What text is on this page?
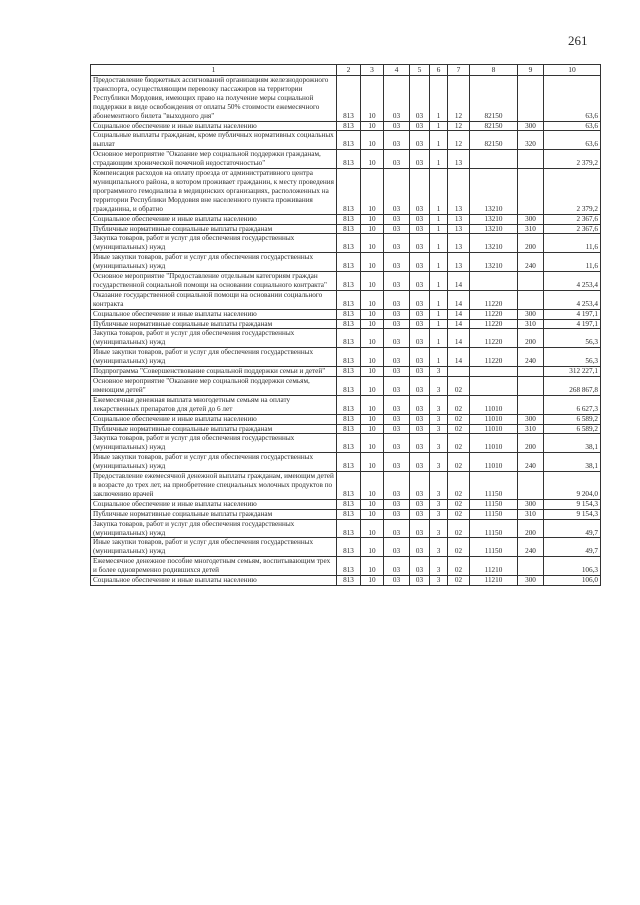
261
1	2	3	4	5	6	7	8	9	10
Предоставление бюджетных ассигнований организациям железнодорожного транспорта, осуществляющим перевозку пассажиров на территории Республики Мордовия, имеющих право на получение меры социальной поддержки в виде освобождения от оплаты 50% стоимости ежемесячного абонементного билета "выходного дня"	813	10	03	03	1	12	82150		63,6
Социальное обеспечение и иные выплаты населению	813	10	03	03	1	12	82150	300	63,6
Социальные выплаты гражданам, кроме публичных нормативных социальных выплат	813	10	03	03	1	12	82150	320	63,6
Основное мероприятие "Оказание мер социальной поддержки гражданам, страдающим хронической почечной недостаточностью"	813	10	03	03	1	13			2 379,2
Компенсация расходов на оплату проезда от административного центра муниципального района, в котором проживает гражданин, к месту проведения программного гемодиализа в медицинских организациях, расположенных на территории Республики Мордовия вне населенного пункта проживания гражданина, и обратно	813	10	03	03	1	13	13210		2 379,2
Социальное обеспечение и иные выплаты населению	813	10	03	03	1	13	13210	300	2 367,6
Публичные нормативные социальные выплаты гражданам	813	10	03	03	1	13	13210	310	2 367,6
Закупка товаров, работ и услуг для обеспечения государственных (муниципальных) нужд	813	10	03	03	1	13	13210	200	11,6
Иные закупки товаров, работ и услуг для обеспечения государственных (муниципальных) нужд	813	10	03	03	1	13	13210	240	11,6
Основное мероприятие "Предоставление отдельным категориям граждан государственной социальной помощи на основании социального контракта"	813	10	03	03	1	14			4 253,4
Оказание государственной социальной помощи на основании социального контракта	813	10	03	03	1	14	11220		4 253,4
Социальное обеспечение и иные выплаты населению	813	10	03	03	1	14	11220	300	4 197,1
Публичные нормативные социальные выплаты гражданам	813	10	03	03	1	14	11220	310	4 197,1
Закупка товаров, работ и услуг для обеспечения государственных (муниципальных) нужд	813	10	03	03	1	14	11220	200	56,3
Иные закупки товаров, работ и услуг для обеспечения государственных (муниципальных) нужд	813	10	03	03	1	14	11220	240	56,3
Подпрограмма "Совершенствование социальной поддержки семьи и детей"	813	10	03	03	3				312 227,1
Основное мероприятие "Оказание мер социальной поддержки семьям, имеющим детей"	813	10	03	03	3	02			268 867,8
Ежемесячная денежная выплата многодетным семьям на оплату лекарственных препаратов для детей до 6 лет	813	10	03	03	3	02	11010		6 627,3
Социальное обеспечение и иные выплаты населению	813	10	03	03	3	02	11010	300	6 589,2
Публичные нормативные социальные выплаты гражданам	813	10	03	03	3	02	11010	310	6 589,2
Закупка товаров, работ и услуг для обеспечения государственных (муниципальных) нужд	813	10	03	03	3	02	11010	200	38,1
Иные закупки товаров, работ и услуг для обеспечения государственных (муниципальных) нужд	813	10	03	03	3	02	11010	240	38,1
Предоставление ежемесячной денежной выплаты гражданам, имеющим детей в возрасте до трех лет, на приобретение специальных молочных продуктов по заключению врачей	813	10	03	03	3	02	11150		9 204,0
Социальное обеспечение и иные выплаты населению	813	10	03	03	3	02	11150	300	9 154,3
Публичные нормативные социальные выплаты гражданам	813	10	03	03	3	02	11150	310	9 154,3
Закупка товаров, работ и услуг для обеспечения государственных (муниципальных) нужд	813	10	03	03	3	02	11150	200	49,7
Иные закупки товаров, работ и услуг для обеспечения государственных (муниципальных) нужд	813	10	03	03	3	02	11150	240	49,7
Ежемесячное денежное пособие многодетным семьям, воспитывающим трех и более одновременно родившихся детей	813	10	03	03	3	02	11210		106,3
Социальное обеспечение и иные выплаты населению	813	10	03	03	3	02	11210	300	106,0
